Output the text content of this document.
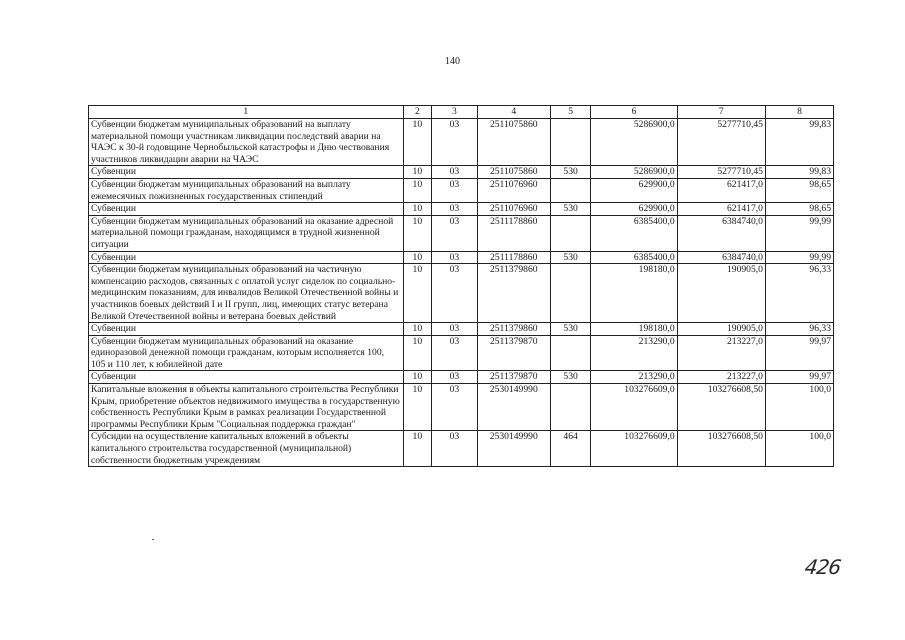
140
1	2	3	4	5	6	7	8
Субвенции бюджетам муниципальных образований на выплату материальной помощи участникам ликвидации последствий аварии на ЧАЭС к 30-й годовщине Чернобыльской катастрофы и Дню чествования участников ликвидации аварии на ЧАЭС	10	03	2511075860		5286900,0	5277710,45	99,83
Субвенции	10	03	2511075860	530	5286900,0	5277710,45	99,83
Субвенции бюджетам муниципальных образований на выплату ежемесячных пожизненных государственных стипендий	10	03	2511076960		629900,0	621417,0	98,65
Субвенции	10	03	2511076960	530	629900,0	621417,0	98,65
Субвенции бюджетам муниципальных образований на оказание адресной материальной помощи гражданам, находящимся в трудной жизненной ситуации	10	03	2511178860		6385400,0	6384740,0	99,99
Субвенции	10	03	2511178860	530	6385400,0	6384740,0	99,99
Субвенции бюджетам муниципальных образований на частичную компенсацию расходов, связанных с оплатой услуг сиделок по социально-медицинским показаниям, для инвалидов Великой Отечественной войны и участников боевых действий I и II групп, лиц, имеющих статус ветерана Великой Отечественной войны и ветерана боевых действий	10	03	2511379860		198180,0	190905,0	96,33
Субвенции	10	03	2511379860	530	198180,0	190905,0	96,33
Субвенции бюджетам муниципальных образований на оказание единоразовой денежной помощи гражданам, которым исполняется 100, 105 и 110 лет, к юбилейной дате	10	03	2511379870		213290,0	213227,0	99,97
Субвенции	10	03	2511379870	530	213290,0	213227,0	99,97
Капитальные вложения в объекты капитального строительства Республики Крым, приобретение объектов недвижимого имущества в государственную собственность Республики Крым в рамках реализации Государственной программы Республики Крым "Социальная поддержка граждан"	10	03	2530149990		103276609,0	103276608,50	100,0
Субсидии на осуществление капитальных вложений в объекты капитального строительства государственной (муниципальной) собственности бюджетным учреждениям	10	03	2530149990	464	103276609,0	103276608,50	100,0
426
